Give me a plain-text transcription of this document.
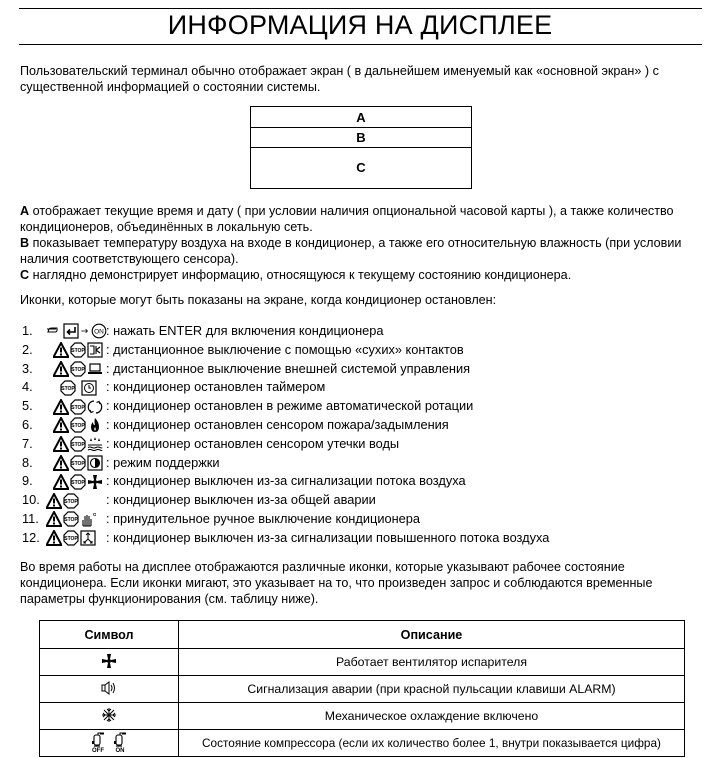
ИНФОРМАЦИЯ НА ДИСПЛЕЕ
Пользовательский терминал обычно отображает экран ( в дальнейшем именуемый как «основной экран» ) с существенной информацией о состоянии системы.
A
B
C
A отображает текущие время и дату ( при условии наличия опциональной часовой карты ), а также количество кондиционеров, объединённых в локальную сеть.
B показывает температуру воздуха на входе в кондиционер, а также его относительную влажность (при условии наличия соответствующего сенсора).
C наглядно демонстрирует информацию, относящуюся к текущему состоянию кондиционера.
Иконки, которые могут быть показаны на экране, когда кондиционер остановлен:
1.	: нажать ENTER для включения кондиционера
2.	: дистанционное выключение с помощью «сухих» контактов
3.	: дистанционное выключение внешней системой управления
4.	: кондиционер остановлен таймером
5.	: кондиционер остановлен в режиме автоматической ротации
6.	: кондиционер остановлен сенсором пожара/задымления
7.	: кондиционер остановлен сенсором утечки воды
8.	: режим поддержки
9.	: кондиционер выключен из-за сигнализации потока воздуха
10.	: кондиционер выключен из-за общей аварии
11.	: принудительное ручное выключение кондиционера
12.	: кондиционер выключен из-за сигнализации повышенного потока воздуха
Во время работы на дисплее отображаются различные иконки, которые указывают рабочее состояние кондиционера. Если иконки мигают, это указывает на то, что произведен запрос и соблюдаются временные параметры функционирования (см. таблицу ниже).
Символ	Описание

	Работает вентилятор испарителя

	Сигнализация аварии (при красной пульсации клавиши ALARM)

	Механическое охлаждение включено

OFF ON	Состояние компрессора (если их количество более 1, внутри показывается цифра)
